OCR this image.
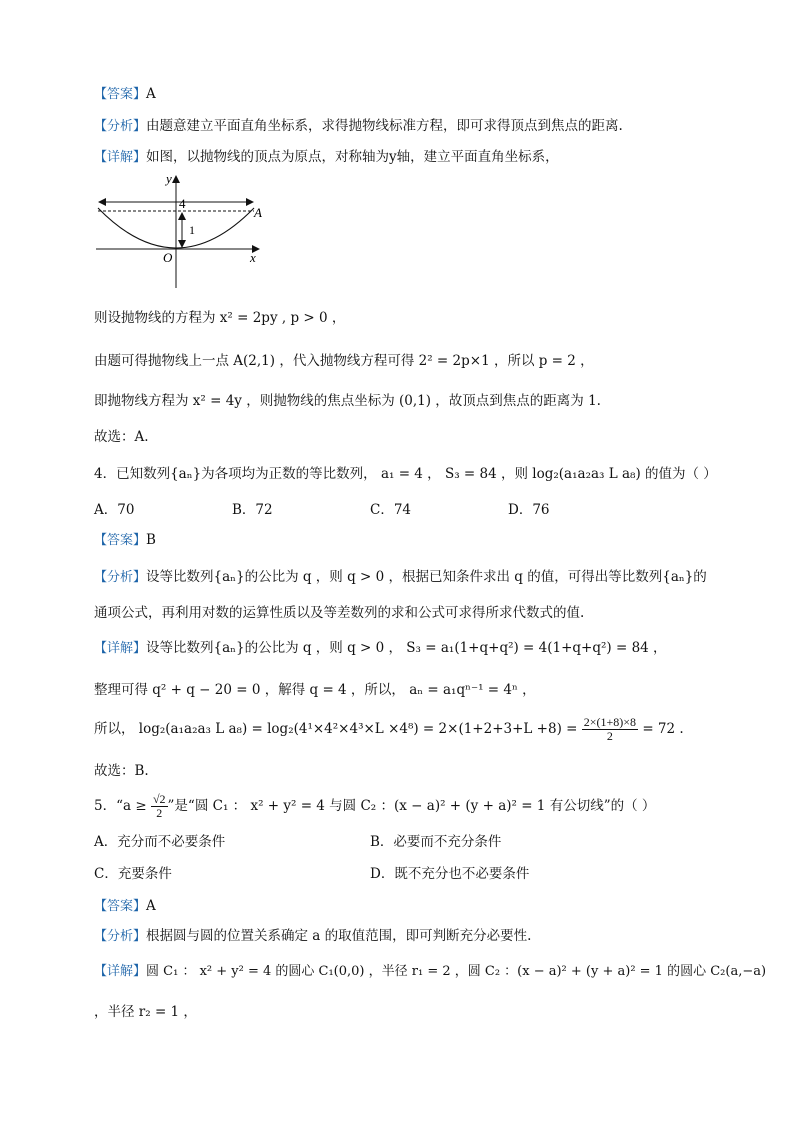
【答案】A
【分析】由题意建立平面直角坐标系，求得抛物线标准方程，即可求得顶点到焦点的距离.
【详解】如图，以抛物线的顶点为原点，对称轴为y轴，建立平面直角坐标系，
y
4
A
1
O	x
则设抛物线的方程为 x² = 2py , p > 0 ，
由题可得抛物线上一点 A(2,1) ，代入抛物线方程可得 2² = 2p×1 ，所以 p = 2 ，
即抛物线方程为 x² = 4y ，则抛物线的焦点坐标为 (0,1) ，故顶点到焦点的距离为 1.
故选：A.
4．已知数列{aₙ}为各项均为正数的等比数列， a₁ = 4 ， S₃ = 84 ，则 log₂(a₁a₂a₃ L a₈) 的值为（ ）
A．70	B．72	C．74	D．76
【答案】B
【分析】设等比数列{aₙ}的公比为 q ，则 q > 0 ，根据已知条件求出 q 的值，可得出等比数列{aₙ}的
通项公式，再利用对数的运算性质以及等差数列的求和公式可求得所求代数式的值.
【详解】设等比数列{aₙ}的公比为 q ，则 q > 0 ， S₃ = a₁(1+q+q²) = 4(1+q+q²) = 84 ，
整理可得 q² + q − 20 = 0 ，解得 q = 4 ，所以， aₙ = a₁qⁿ⁻¹ = 4ⁿ ，
所以， log₂(a₁a₂a₃ L $a_8) = \log_2(4^1\times 4^2\times 4^3\times L \times 4^8) = 2\times(1+2+3+L +8) = \frac{2\times(1+8)\times 8}{2} = 72$ .
故选：B.
5．“$a \ge \frac{√2}{2}$ ”是“圆 C₁ ： x² + y² = 4 与圆 C₂ ：(x − a)² + (y + a)² = 1 有公切线”的（ ）
A．充分而不必要条件	B．必要而不充分条件
C．充要条件	D．既不充分也不必要条件
【答案】A
【分析】根据圆与圆的位置关系确定 a 的取值范围，即可判断充分必要性.
【详解】圆 C₁ ： x² + y² = 4 的圆心 C₁(0,0) ，半径 r₁ = 2 ，圆 C₂ ：(x − a)² + (y + a)² = 1 的圆心 C₂(a,−a)
，半径 r₂ = 1 ，
